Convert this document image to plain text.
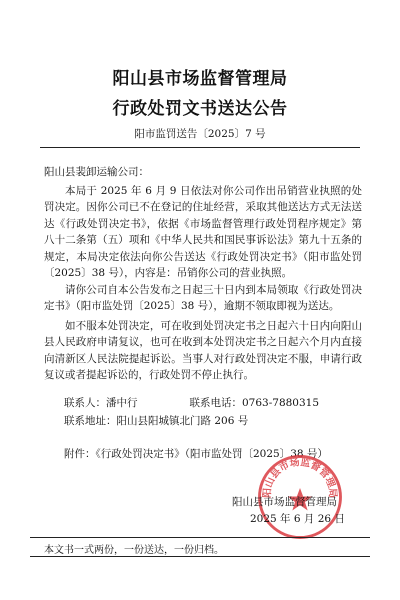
阳山县市场监督管理局
行政处罚文书送达公告
阳市监罚送告〔2025〕7 号
阳山县裴卸运输公司：

本局于 2025 年 6 月 9 日依法对你公司作出吊销营业执照的处罚决定。因你公司已不在登记的住址经营，采取其他送达方式无法送达《行政处罚决定书》，依据《市场监督管理行政处罚程序规定》第八十二条第（五）项和《中华人民共和国民事诉讼法》第九十五条的规定，本局决定依法向你公告送达《行政处罚决定书》（阳市监处罚〔2025〕38 号），内容是：吊销你公司的营业执照。

请你公司自本公告发布之日起三十日内到本局领取《行政处罚决定书》（阳市监处罚〔2025〕38 号），逾期不领取即视为送达。

如不服本处罚决定，可在收到处罚决定书之日起六十日内向阳山县人民政府申请复议，也可在收到本处罚决定书之日起六个月内直接向清新区人民法院提起诉讼。当事人对行政处罚决定不服，申请行政复议或者提起诉讼的，行政处罚不停止执行。

联系人：潘中行	联系电话：0763-7880315
联系地址：阳山县阳城镇北门路 206 号
附件：《行政处罚决定书》（阳市监处罚〔2025〕38 号）
阳山县市场监督管理局
阳山县市场监督管理局
2025 年 6 月 26 日
本文书一式两份，一份送达，一份归档。
